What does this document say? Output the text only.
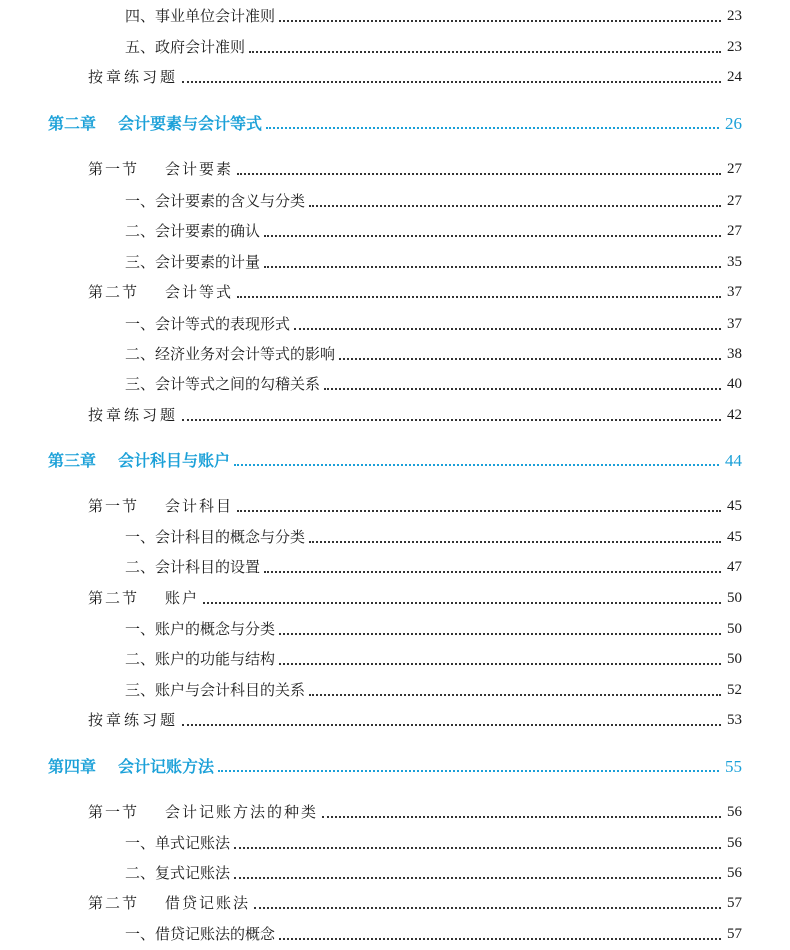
四、事业单位会计准则	23
五、政府会计准则	23
按章练习题	24
第二章 会计要素与会计等式	26
第一节 会计要素	27
一、会计要素的含义与分类	27
二、会计要素的确认	27
三、会计要素的计量	35
第二节 会计等式	37
一、会计等式的表现形式	37
二、经济业务对会计等式的影响	38
三、会计等式之间的勾稽关系	40
按章练习题	42
第三章 会计科目与账户	44
第一节 会计科目	45
一、会计科目的概念与分类	45
二、会计科目的设置	47
第二节 账户	50
一、账户的概念与分类	50
二、账户的功能与结构	50
三、账户与会计科目的关系	52
按章练习题	53
第四章 会计记账方法	55
第一节 会计记账方法的种类	56
一、单式记账法	56
二、复式记账法	56
第二节 借贷记账法	57
一、借贷记账法的概念	57
